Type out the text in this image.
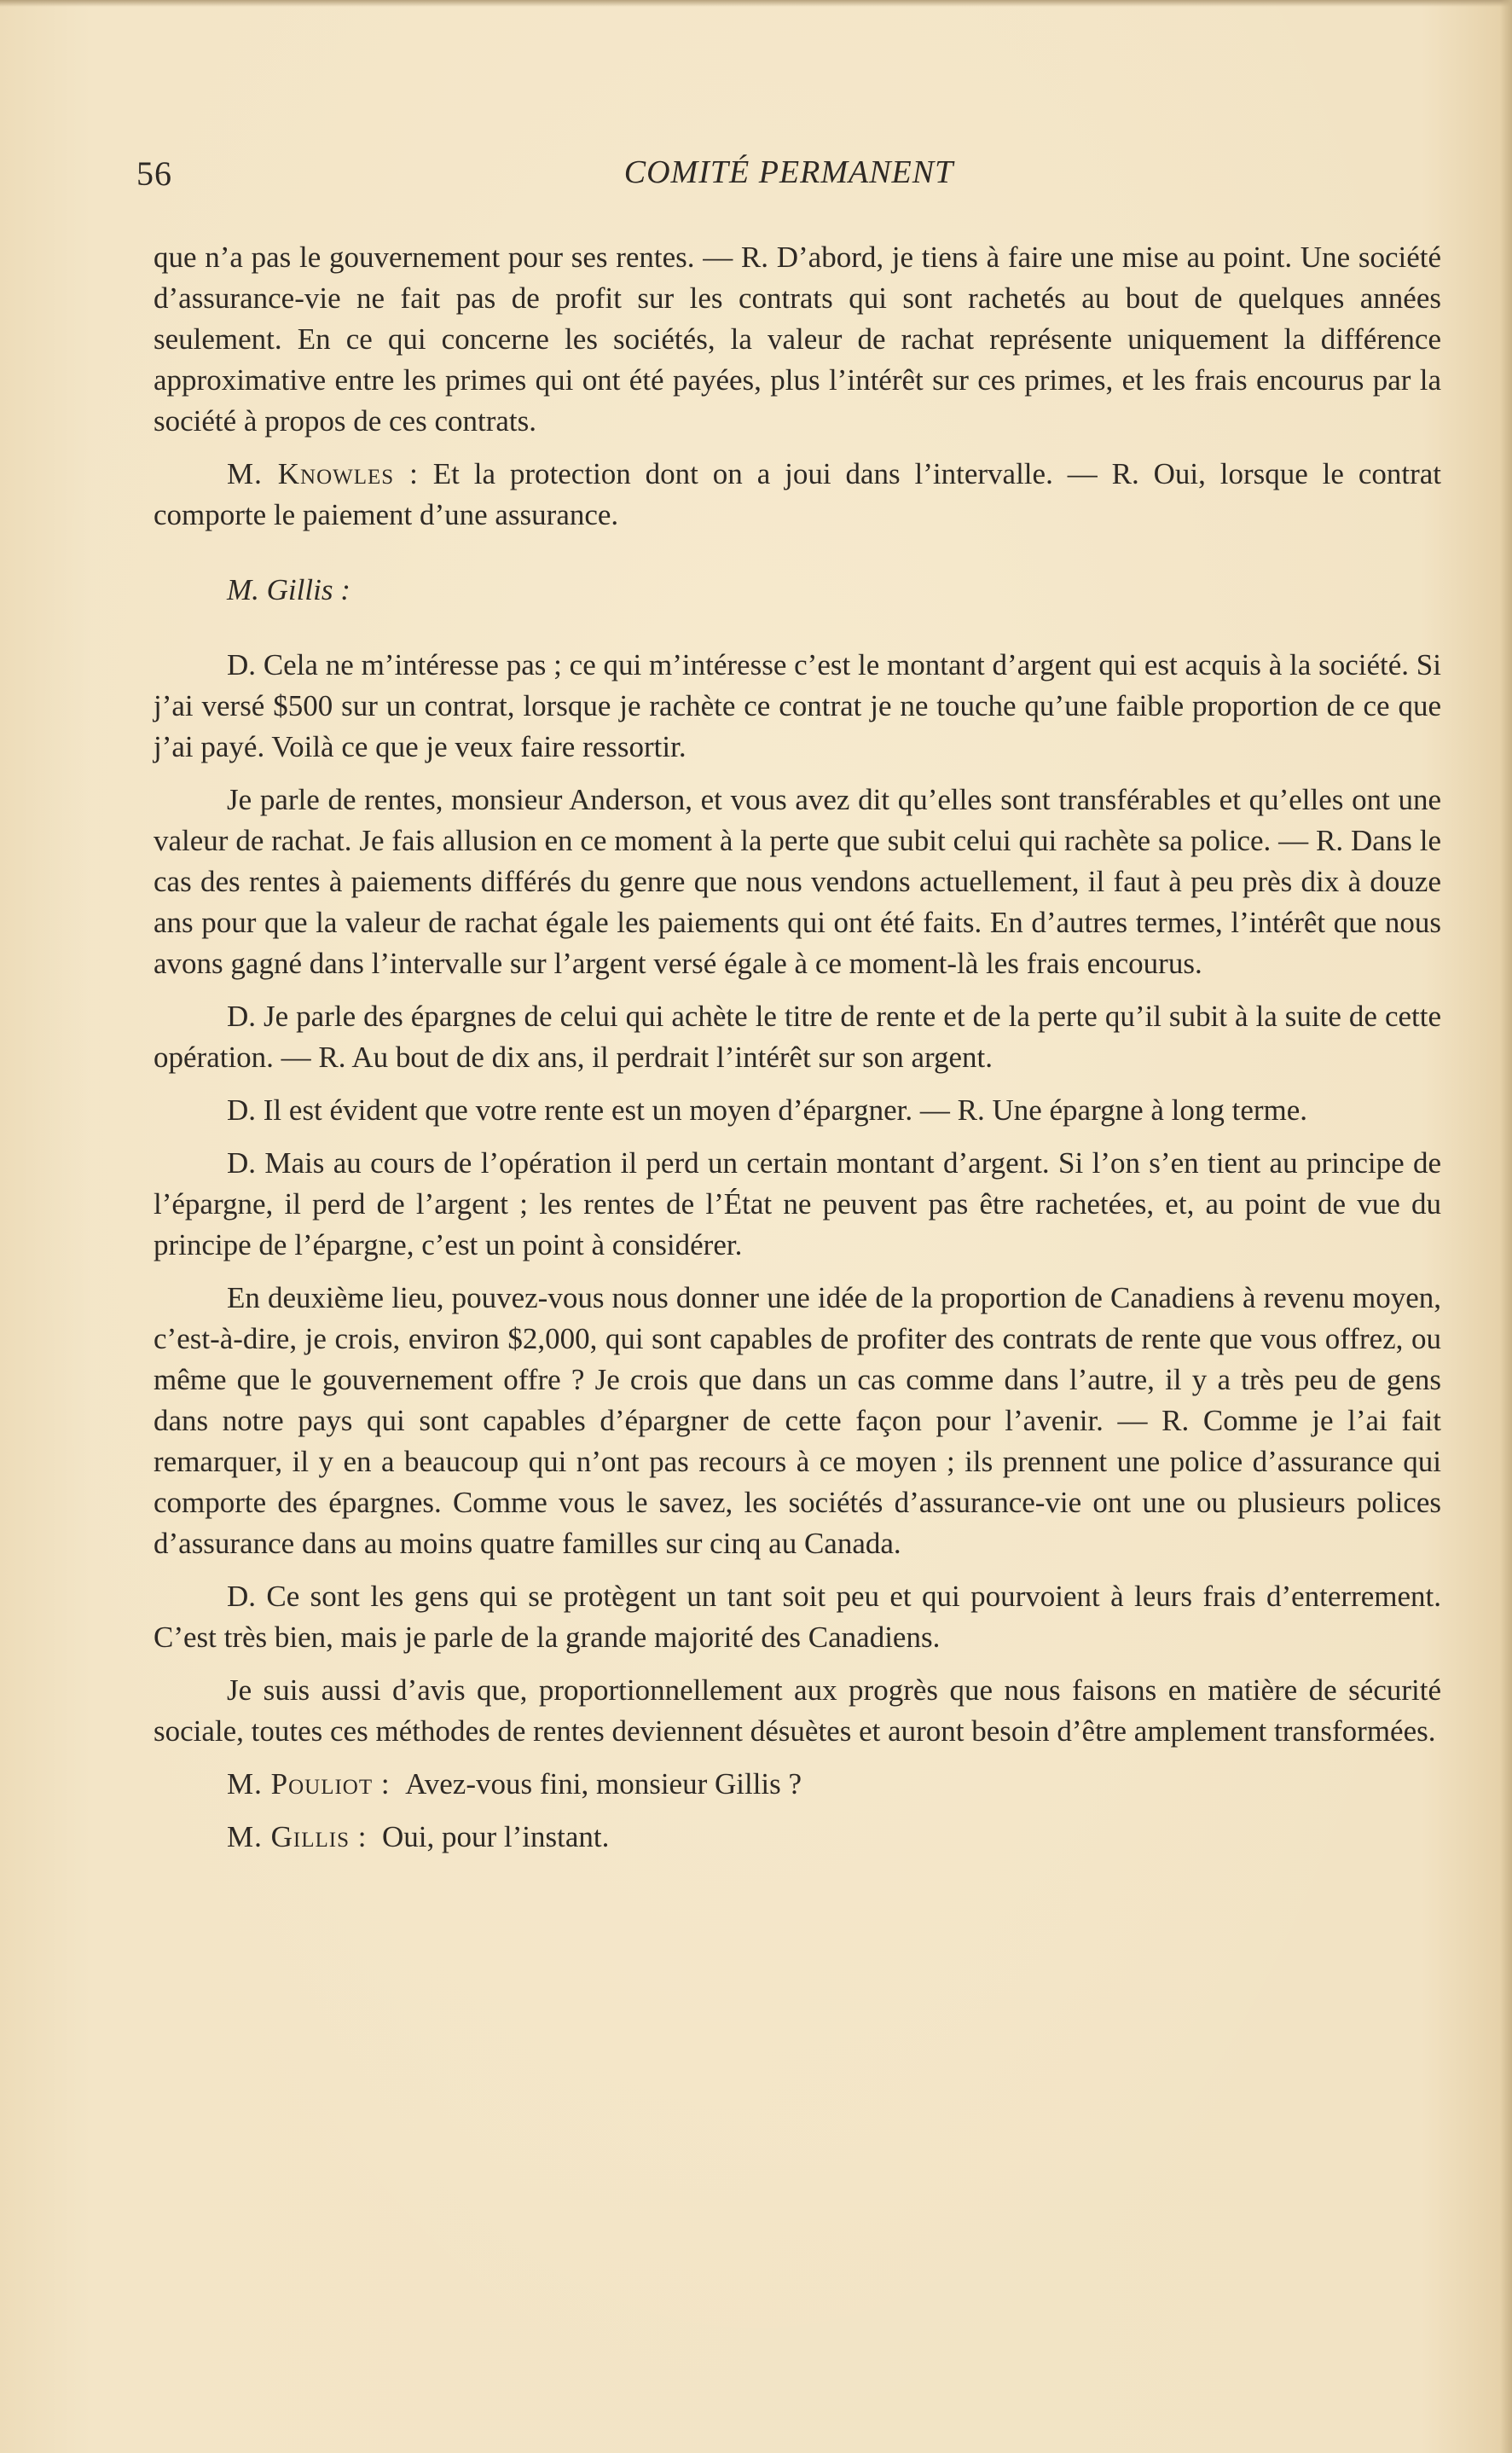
56	COMITÉ PERMANENT

que n’a pas le gouvernement pour ses rentes. — R. D’abord, je tiens à faire une mise au point. Une société d’assurance-vie ne fait pas de profit sur les contrats qui sont rachetés au bout de quelques années seulement. En ce qui concerne les sociétés, la valeur de rachat représente uniquement la différence approximative entre les primes qui ont été payées, plus l’intérêt sur ces primes, et les frais encourus par la société à propos de ces contrats.

M. Knowles : Et la protection dont on a joui dans l’intervalle. — R. Oui, lorsque le contrat comporte le paiement d’une assurance.

M. Gillis :

D. Cela ne m’intéresse pas ; ce qui m’intéresse c’est le montant d’argent qui est acquis à la société. Si j’ai versé $500 sur un contrat, lorsque je rachète ce contrat je ne touche qu’une faible proportion de ce que j’ai payé. Voilà ce que je veux faire ressortir.

Je parle de rentes, monsieur Anderson, et vous avez dit qu’elles sont transférables et qu’elles ont une valeur de rachat. Je fais allusion en ce moment à la perte que subit celui qui rachète sa police. — R. Dans le cas des rentes à paiements différés du genre que nous vendons actuellement, il faut à peu près dix à douze ans pour que la valeur de rachat égale les paiements qui ont été faits. En d’autres termes, l’intérêt que nous avons gagné dans l’intervalle sur l’argent versé égale à ce moment-là les frais encourus.

D. Je parle des épargnes de celui qui achète le titre de rente et de la perte qu’il subit à la suite de cette opération. — R. Au bout de dix ans, il perdrait l’intérêt sur son argent.

D. Il est évident que votre rente est un moyen d’épargner. — R. Une épargne à long terme.

D. Mais au cours de l’opération il perd un certain montant d’argent. Si l’on s’en tient au principe de l’épargne, il perd de l’argent ; les rentes de l’État ne peuvent pas être rachetées, et, au point de vue du principe de l’épargne, c’est un point à considérer.

En deuxième lieu, pouvez-vous nous donner une idée de la proportion de Canadiens à revenu moyen, c’est-à-dire, je crois, environ $2,000, qui sont capables de profiter des contrats de rente que vous offrez, ou même que le gouvernement offre ? Je crois que dans un cas comme dans l’autre, il y a très peu de gens dans notre pays qui sont capables d’épargner de cette façon pour l’avenir. — R. Comme je l’ai fait remarquer, il y en a beaucoup qui n’ont pas recours à ce moyen ; ils prennent une police d’assurance qui comporte des épargnes. Comme vous le savez, les sociétés d’assurance-vie ont une ou plusieurs polices d’assurance dans au moins quatre familles sur cinq au Canada.

D. Ce sont les gens qui se protègent un tant soit peu et qui pourvoient à leurs frais d’enterrement. C’est très bien, mais je parle de la grande majorité des Canadiens.

Je suis aussi d’avis que, proportionnellement aux progrès que nous faisons en matière de sécurité sociale, toutes ces méthodes de rentes deviennent désuètes et auront besoin d’être amplement transformées.

M. Pouliot : Avez-vous fini, monsieur Gillis ?

M. Gillis : Oui, pour l’instant.
